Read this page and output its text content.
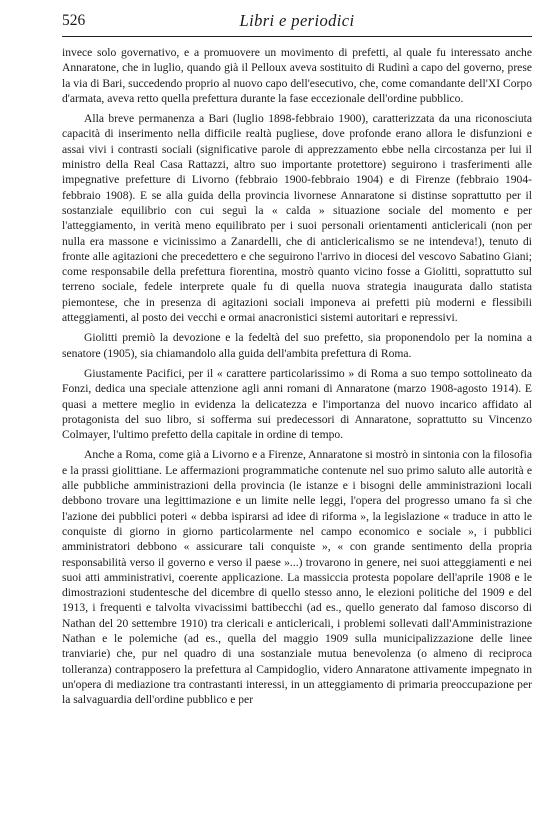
526	Libri e periodici

invece solo governativo, e a promuovere un movimento di prefetti, al quale fu interessato anche Annaratone, che in luglio, quando già il Pelloux aveva sostituito di Rudinì a capo del governo, prese la via di Bari, succedendo proprio al nuovo capo dell'esecutivo, che, come comandante dell'XI Corpo d'armata, aveva retto quella prefettura durante la fase eccezionale dell'ordine pubblico.

Alla breve permanenza a Bari (luglio 1898-febbraio 1900), caratterizzata da una riconosciuta capacità di inserimento nella difficile realtà pugliese, dove profonde erano allora le disfunzioni e assai vivi i contrasti sociali (significative parole di apprezzamento ebbe nella circostanza per lui il ministro della Real Casa Rattazzi, altro suo importante protettore) seguirono i trasferimenti alle impegnative prefetture di Livorno (febbraio 1900-febbraio 1904) e di Firenze (febbraio 1904-febbraio 1908). E se alla guida della provincia livornese Annaratone si distinse soprattutto per il sostanziale equilibrio con cui seguì la « calda » situazione sociale del momento e per l'atteggiamento, in verità meno equilibrato per i suoi personali orientamenti anticlericali (non per nulla era massone e vicinissimo a Zanardelli, che di anticlericalismo se ne intendeva!), tenuto di fronte alle agitazioni che precedettero e che seguirono l'arrivo in diocesi del vescovo Sabatino Giani; come responsabile della prefettura fiorentina, mostrò quanto vicino fosse a Giolitti, soprattutto sul terreno sociale, fedele interprete quale fu di quella nuova strategia inaugurata dallo statista piemontese, che in presenza di agitazioni sociali imponeva ai prefetti più moderni e flessibili atteggiamenti, al posto dei vecchi e ormai anacronistici sistemi autoritari e repressivi.

Giolitti premiò la devozione e la fedeltà del suo prefetto, sia proponendolo per la nomina a senatore (1905), sia chiamandolo alla guida dell'ambita prefettura di Roma.

Giustamente Pacifici, per il « carattere particolarissimo » di Roma a suo tempo sottolineato da Fonzi, dedica una speciale attenzione agli anni romani di Annaratone (marzo 1908-agosto 1914). E quasi a mettere meglio in evidenza la delicatezza e l'importanza del nuovo incarico affidato al protagonista del suo libro, si sofferma sui predecessori di Annaratone, soprattutto su Vincenzo Colmayer, l'ultimo prefetto della capitale in ordine di tempo.

Anche a Roma, come già a Livorno e a Firenze, Annaratone si mostrò in sintonia con la filosofia e la prassi giolittiane. Le affermazioni programmatiche contenute nel suo primo saluto alle autorità e alle pubbliche amministrazioni della provincia (le istanze e i bisogni delle amministrazioni locali debbono trovare una legittimazione e un limite nelle leggi, l'opera del progresso umano fa sì che l'azione dei pubblici poteri « debba ispirarsi ad idee di riforma », la legislazione « traduce in atto le conquiste di giorno in giorno particolarmente nel campo economico e sociale », i pubblici amministratori debbono « assicurare tali conquiste », « con grande sentimento della propria responsabilità verso il governo e verso il paese »...) trovarono in genere, nei suoi atteggiamenti e nei suoi atti amministrativi, coerente applicazione. La massiccia protesta popolare dell'aprile 1908 e le dimostrazioni studentesche del dicembre di quello stesso anno, le elezioni politiche del 1909 e del 1913, i frequenti e talvolta vivacissimi battibecchi (ad es., quello generato dal famoso discorso di Nathan del 20 settembre 1910) tra clericali e anticlericali, i problemi sollevati dall'Amministrazione Nathan e le polemiche (ad es., quella del maggio 1909 sulla municipalizzazione delle linee tranviarie) che, pur nel quadro di una sostanziale mutua benevolenza (o almeno di reciproca tolleranza) contrapposero la prefettura al Campidoglio, videro Annaratone attivamente impegnato in un'opera di mediazione tra contrastanti interessi, in un atteggiamento di primaria preoccupazione per la salvaguardia dell'ordine pubblico e per
